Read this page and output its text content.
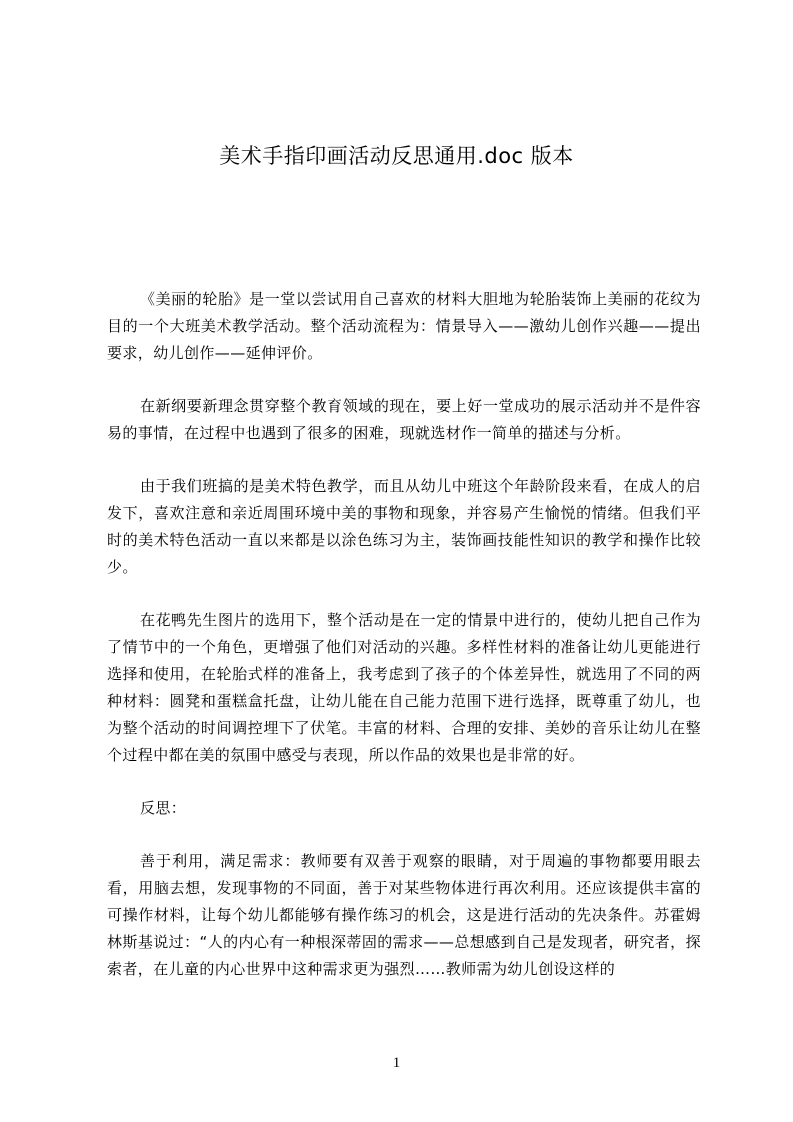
美术手指印画活动反思通用.doc 版本

《美丽的轮胎》是一堂以尝试用自己喜欢的材料大胆地为轮胎装饰上美丽的花纹为目的一个大班美术教学活动。整个活动流程为：情景导入——激幼儿创作兴趣——提出要求，幼儿创作——延伸评价。

在新纲要新理念贯穿整个教育领域的现在，要上好一堂成功的展示活动并不是件容易的事情，在过程中也遇到了很多的困难，现就选材作一简单的描述与分析。

由于我们班搞的是美术特色教学，而且从幼儿中班这个年龄阶段来看，在成人的启发下，喜欢注意和亲近周围环境中美的事物和现象，并容易产生愉悦的情绪。但我们平时的美术特色活动一直以来都是以涂色练习为主，装饰画技能性知识的教学和操作比较少。

在花鸭先生图片的选用下，整个活动是在一定的情景中进行的，使幼儿把自己作为了情节中的一个角色，更增强了他们对活动的兴趣。多样性材料的准备让幼儿更能进行选择和使用，在轮胎式样的准备上，我考虑到了孩子的个体差异性，就选用了不同的两种材料：圆凳和蛋糕盒托盘，让幼儿能在自己能力范围下进行选择，既尊重了幼儿，也为整个活动的时间调控埋下了伏笔。丰富的材料、合理的安排、美妙的音乐让幼儿在整个过程中都在美的氛围中感受与表现，所以作品的效果也是非常的好。

反思：

善于利用，满足需求：教师要有双善于观察的眼睛，对于周遍的事物都要用眼去看，用脑去想，发现事物的不同面，善于对某些物体进行再次利用。还应该提供丰富的可操作材料，让每个幼儿都能够有操作练习的机会，这是进行活动的先决条件。苏霍姆林斯基说过：“人的内心有一种根深蒂固的需求——总想感到自己是发现者，研究者，探索者，在儿童的内心世界中这种需求更为强烈……教师需为幼儿创设这样的

1
